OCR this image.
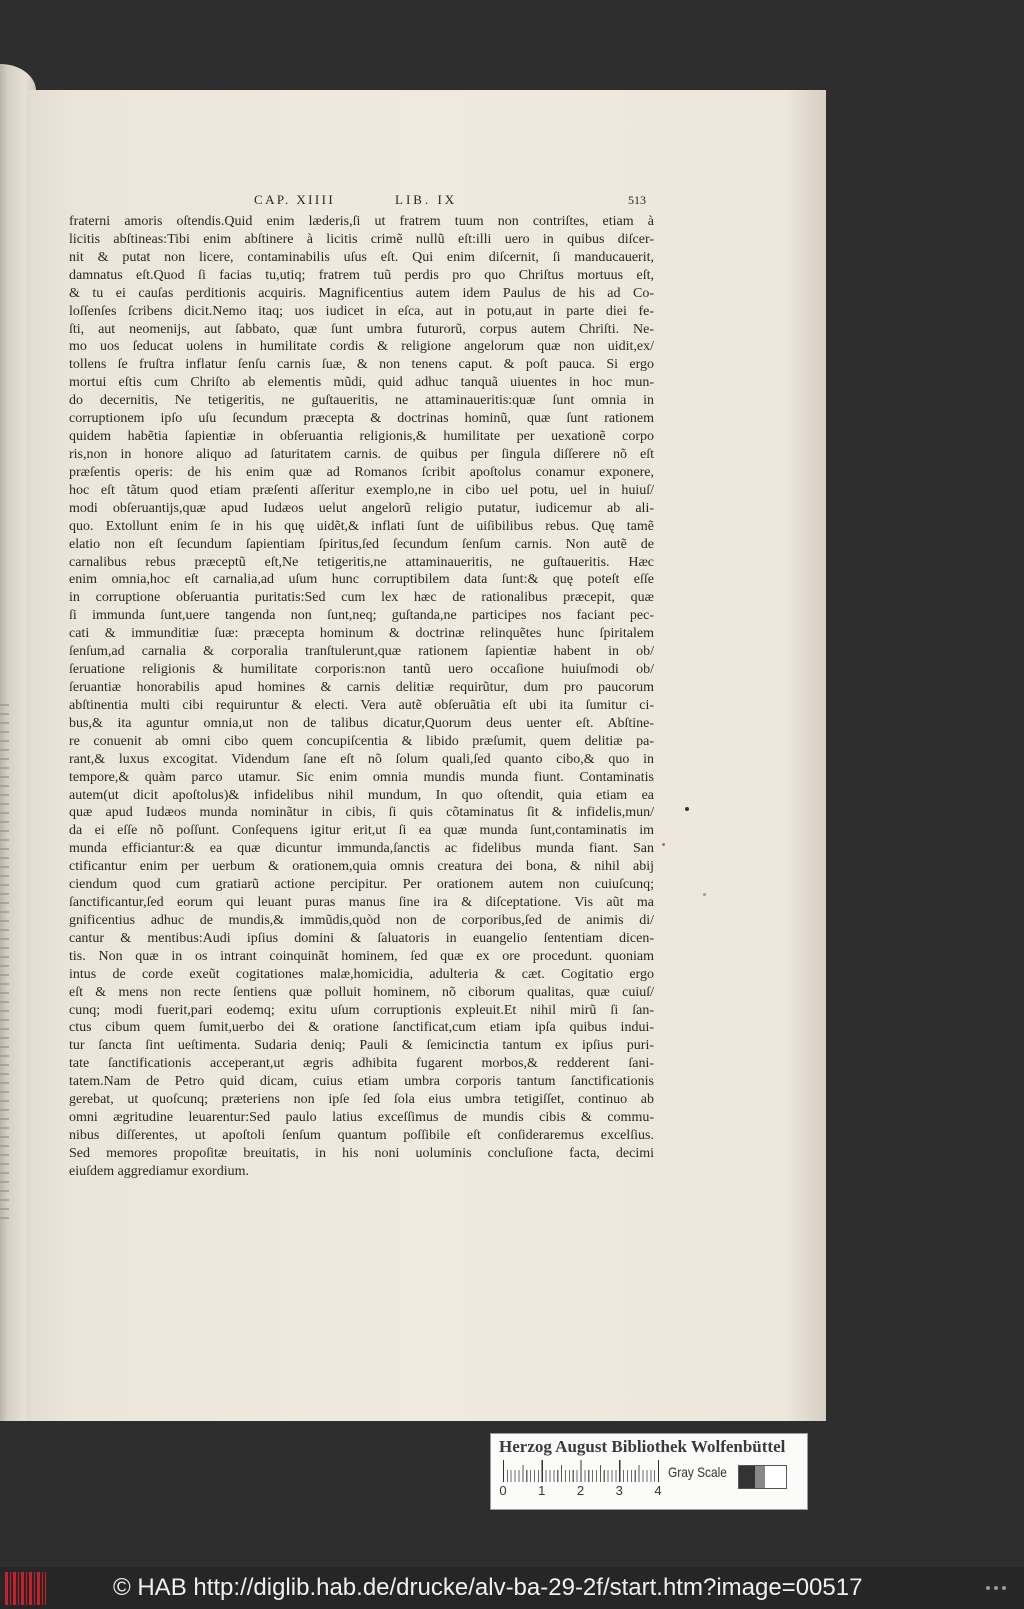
CAP. XIIII	LIB. IX	513
fraterni amoris oſtendis.Quid enim læderis,ſi ut fratrem tuum non contriſtes, etiam à
licitis abſtineas:Tibi enim abſtinere à licitis crimẽ nullũ eſt:illi uero in quibus diſcer-
nit & putat non licere, contaminabilis uſus eſt. Qui enim diſcernit, ſi manducauerit,
damnatus eſt.Quod ſi facias tu,utiq; fratrem tuũ perdis pro quo Chriſtus mortuus eſt,
& tu ei cauſas perditionis acquiris. Magnificentius autem idem Paulus de his ad Co-
loſſenſes ſcribens dicit.Nemo itaq; uos iudicet in eſca, aut in potu,aut in parte diei fe-
ſti, aut neomenijs, aut ſabbato, quæ ſunt umbra futurorũ, corpus autem Chriſti. Ne-
mo uos ſeducat uolens in humilitate cordis & religione angelorum quæ non uidit,ex/
tollens ſe fruſtra inflatur ſenſu carnis ſuæ, & non tenens caput. & poſt pauca. Si ergo
mortui eſtis cum Chriſto ab elementis mũdi, quid adhuc tanquã uiuentes in hoc mun-
do decernitis, Ne tetigeritis, ne guſtaueritis, ne attaminaueritis:quæ ſunt omnia in
corruptionem ipſo uſu ſecundum præcepta & doctrinas hominũ, quæ ſunt rationem
quidem habẽtia ſapientiæ in obſeruantia religionis,& humilitate per uexationẽ corpo
ris,non in honore aliquo ad ſaturitatem carnis. de quibus per ſingula diſſerere nõ eſt
præſentis operis: de his enim quæ ad Romanos ſcribit apoſtolus conamur exponere,
hoc eſt tãtum quod etiam præſenti aſſeritur exemplo,ne in cibo uel potu, uel in huiuſ/
modi obſeruantijs,quæ apud Iudæos uelut angelorũ religio putatur, iudicemur ab ali-
quo. Extollunt enim ſe in his quę uidẽt,& inflati ſunt de uiſibilibus rebus. Quę tamẽ
elatio non eſt ſecundum ſapientiam ſpiritus,ſed ſecundum ſenſum carnis. Non autẽ de
carnalibus rebus præceptũ eſt,Ne tetigeritis,ne attaminaueritis, ne guſtaueritis. Hæc
enim omnia,hoc eſt carnalia,ad uſum hunc corruptibilem data ſunt:& quę poteſt eſſe
in corruptione obſeruantia puritatis:Sed cum lex hæc de rationalibus præcepit, quæ
ſi immunda ſunt,uere tangenda non ſunt,neq; guſtanda,ne participes nos faciant pec-
cati & immunditiæ ſuæ: præcepta hominum & doctrinæ relinquẽtes hunc ſpiritalem
ſenſum,ad carnalia & corporalia tranſtulerunt,quæ rationem ſapientiæ habent in ob/
ſeruatione religionis & humilitate corporis:non tantũ uero occaſione huiuſmodi ob/
ſeruantiæ honorabilis apud homines & carnis delitiæ requirũtur, dum pro paucorum
abſtinentia multi cibi requiruntur & electi. Vera autẽ obſeruãtia eſt ubi ita ſumitur ci-
bus,& ita aguntur omnia,ut non de talibus dicatur,Quorum deus uenter eſt. Abſtine-
re conuenit ab omni cibo quem concupiſcentia & libido præſumit, quem delitiæ pa-
rant,& luxus excogitat. Videndum ſane eſt nõ ſolum quali,ſed quanto cibo,& quo in
tempore,& quàm parco utamur. Sic enim omnia mundis munda fiunt. Contaminatis
autem(ut dicit apoſtolus)& infidelibus nihil mundum, In quo oſtendit, quia etiam ea
quæ apud Iudæos munda nominãtur in cibis, ſi quis cõtaminatus ſit & infidelis,mun/
da ei eſſe nõ poſſunt. Conſequens igitur erit,ut ſi ea quæ munda ſunt,contaminatis im
munda efficiantur:& ea quæ dicuntur immunda,ſanctis ac fidelibus munda fiant. San
ctificantur enim per uerbum & orationem,quia omnis creatura dei bona, & nihil abij
ciendum quod cum gratiarũ actione percipitur. Per orationem autem non cuiuſcunq;
ſanctificantur,ſed eorum qui leuant puras manus ſine ira & diſceptatione. Vis aũt ma
gnificentius adhuc de mundis,& immũdis,quòd non de corporibus,ſed de animis di/
cantur & mentibus:Audi ipſius domini & ſaluatoris in euangelio ſententiam dicen-
tis. Non quæ in os intrant coinquinãt hominem, ſed quæ ex ore procedunt. quoniam
intus de corde exeũt cogitationes malæ,homicidia, adulteria & cæt. Cogitatio ergo
eſt & mens non recte ſentiens quæ polluit hominem, nõ ciborum qualitas, quæ cuiuſ/
cunq; modi fuerit,pari eodemq; exitu uſum corruptionis expleuit.Et nihil mirũ ſi ſan-
ctus cibum quem ſumit,uerbo dei & oratione ſanctificat,cum etiam ipſa quibus indui-
tur ſancta ſint ueſtimenta. Sudaria deniq; Pauli & ſemicinctia tantum ex ipſius puri-
tate ſanctificationis acceperant,ut ægris adhibita fugarent morbos,& redderent ſani-
tatem.Nam de Petro quid dicam, cuius etiam umbra corporis tantum ſanctificationis
gerebat, ut quoſcunq; præteriens non ipſe ſed ſola eius umbra tetigiſſet, continuo ab
omni ægritudine leuarentur:Sed paulo latius exceſſimus de mundis cibis & commu-
nibus diſſerentes, ut apoſtoli ſenſum quantum poſſibile eſt conſideraremus excelſius.
Sed memores propoſitæ breuitatis, in his noni uoluminis concluſione facta, decimi
eiuſdem aggrediamur exordium.
Herzog August Bibliothek Wolfenbüttel
0 1 2 3 4
Gray Scale
© HAB http://diglib.hab.de/drucke/alv-ba-29-2f/start.htm?image=00517
